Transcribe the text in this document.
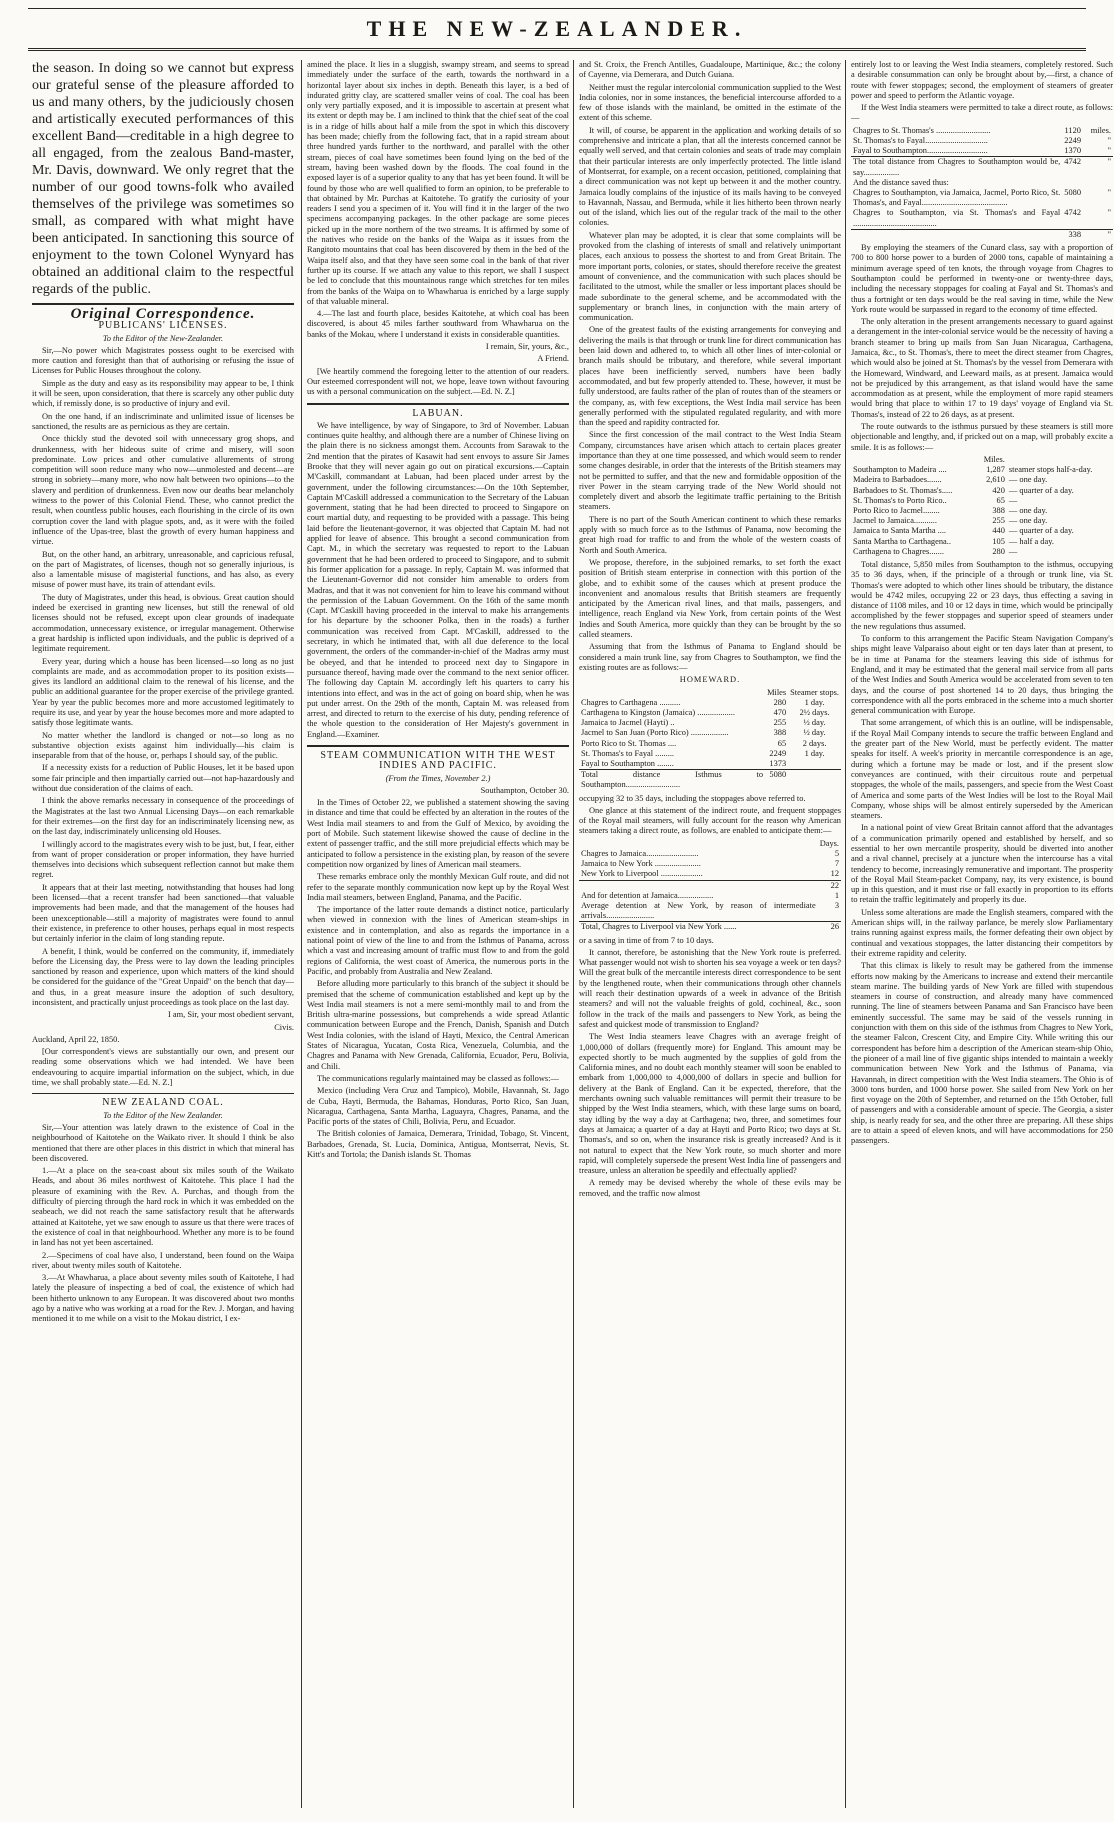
THE NEW-ZEALANDER.

the season. In doing so we cannot but express our grateful sense of the pleasure afforded to us and many others, by the judiciously chosen and artistically executed performances of this excellent Band—creditable in a high degree to all engaged, from the zealous Band-master, Mr. Davis, downward. We only regret that the number of our good towns-folk who availed themselves of the privilege was sometimes so small, as compared with what might have been anticipated. In sanctioning this source of enjoyment to the town Colonel Wynyard has obtained an additional claim to the respectful regards of the public.

Original Correspondence.
PUBLICANS' LICENSES.
To the Editor of the New-Zealander.

Sir,—No power which Magistrates possess ought to be exercised with more caution and foresight than that of authorising or refusing the issue of Licenses for Public Houses throughout the colony.

Simple as the duty and easy as its responsibility may appear to be, I think it will be seen, upon consideration, that there is scarcely any other public duty which, if remissly done, is so productive of injury and evil.

On the one hand, if an indiscriminate and unlimited issue of licenses be sanctioned, the results are as pernicious as they are certain.

Once thickly stud the devoted soil with unnecessary grog shops, and drunkenness, with her hideous suite of crime and misery, will soon predominate. Low prices and other cumulative allurements of strong competition will soon reduce many who now—unmolested and decent—are strong in sobriety—many more, who now halt between two opinions—to the slavery and perdition of drunkenness. Even now our deaths bear melancholy witness to the power of this Colonial Fiend. These, who cannot predict the result, when countless public houses, each flourishing in the circle of its own corruption cover the land with plague spots, and, as it were with the foiled influence of the Upas-tree, blast the growth of every human happiness and virtue.

But, on the other hand, an arbitrary, unreasonable, and capricious refusal, on the part of Magistrates, of licenses, though not so generally injurious, is also a lamentable misuse of magisterial functions, and has also, as every misuse of power must have, its train of attendant evils.

The duty of Magistrates, under this head, is obvious. Great caution should indeed be exercised in granting new licenses, but still the renewal of old licenses should not be refused, except upon clear grounds of inadequate accommodation, unnecessary existence, or irregular management. Otherwise a great hardship is inflicted upon individuals, and the public is deprived of a legitimate requirement.

Every year, during which a house has been licensed—so long as no just complaints are made, and as accommodation proper to its position exists—gives its landlord an additional claim to the renewal of his license, and the public an additional guarantee for the proper exercise of the privilege granted. Year by year the public becomes more and more accustomed legitimately to require its use, and year by year the house becomes more and more adapted to satisfy those legitimate wants.

No matter whether the landlord is changed or not—so long as no substantive objection exists against him individually—his claim is inseparable from that of the house, or, perhaps I should say, of the public.

If a necessity exists for a reduction of Public Houses, let it be based upon some fair principle and then impartially carried out—not hap-hazardously and without due consideration of the claims of each.

I think the above remarks necessary in consequence of the proceedings of the Magistrates at the last two Annual Licensing Days—on each remarkable for their extremes—on the first day for an indiscriminately licensing new, as on the last day, indiscriminately unlicensing old Houses.

I willingly accord to the magistrates every wish to be just, but, I fear, either from want of proper consideration or proper information, they have hurried themselves into decisions which subsequent reflection cannot but make them regret.

It appears that at their last meeting, notwithstanding that houses had long been licensed—that a recent transfer had been sanctioned—that valuable improvements had been made, and that the management of the houses had been unexceptionable—still a majority of magistrates were found to annul their existence, in preference to other houses, perhaps equal in most respects but certainly inferior in the claim of long standing repute.

A benefit, I think, would be conferred on the community, if, immediately before the Licensing day, the Press were to lay down the leading principles sanctioned by reason and experience, upon which matters of the kind should be considered for the guidance of the "Great Unpaid" on the bench that day—and thus, in a great measure insure the adoption of such desultory, inconsistent, and practically unjust proceedings as took place on the last day.

I am, Sir, your most obedient servant,

Civis.

Auckland, April 22, 1850.

[Our correspondent's views are substantially our own, and present our reading some observations which we had intended. We have been endeavouring to acquire impartial information on the subject, which, in due time, we shall probably state.—Ed. N. Z.]

NEW ZEALAND COAL.
To the Editor of the New Zealander.

Sir,—Your attention was lately drawn to the existence of Coal in the neighbourhood of Kaitotehe on the Waikato river. It should I think be also mentioned that there are other places in this district in which that mineral has been discovered.

1.—At a place on the sea-coast about six miles south of the Waikato Heads, and about 36 miles northwest of Kaitotehe. This place I had the pleasure of examining with the Rev. A. Purchas, and though from the difficulty of piercing through the hard rock in which it was embedded on the seabeach, we did not reach the same satisfactory result that he afterwards attained at Kaitotehe, yet we saw enough to assure us that there were traces of the existence of coal in that neighbourhood. Whether any more is to be found in land has not yet been ascertained.

2.—Specimens of coal have also, I understand, been found on the Waipa river, about twenty miles south of Kaitotehe.

3.—At Whawharua, a place about seventy miles south of Kaitotehe, I had lately the pleasure of inspecting a bed of coal, the existence of which had been hitherto unknown to any European. It was discovered about two months ago by a native who was working at a road for the Rev. J. Morgan, and having mentioned it to me while on a visit to the Mokau district, I ex-

amined the place. It lies in a sluggish, swampy stream, and seems to spread immediately under the surface of the earth, towards the northward in a horizontal layer about six inches in depth. Beneath this layer, is a bed of indurated gritty clay, are scattered smaller veins of coal. The coal has been only very partially exposed, and it is impossible to ascertain at present what its extent or depth may be. I am inclined to think that the chief seat of the coal is in a ridge of hills about half a mile from the spot in which this discovery has been made; chiefly from the following fact, that in a rapid stream about three hundred yards further to the northward, and parallel with the other stream, pieces of coal have sometimes been found lying on the bed of the stream, having been washed down by the floods. The coal found in the exposed layer is of a superior quality to any that has yet been found. It will be found by those who are well qualified to form an opinion, to be preferable to that obtained by Mr. Purchas at Kaitotehe. To gratify the curiosity of your readers I send you a specimen of it. You will find it in the larger of the two specimens accompanying packages. In the other package are some pieces picked up in the more northern of the two streams. It is affirmed by some of the natives who reside on the banks of the Waipa as it issues from the Rangitoto mountains that coal has been discovered by them in the bed of the Waipa itself also, and that they have seen some coal in the bank of that river further up its course. If we attach any value to this report, we shall I suspect be led to conclude that this mountainous range which stretches for ten miles from the banks of the Waipa on to Whawharua is enriched by a large supply of that valuable mineral.

4.—The last and fourth place, besides Kaitotehe, at which coal has been discovered, is about 45 miles farther southward from Whawharua on the banks of the Mokau, where I understand it exists in considerable quantities.

I remain, Sir, yours, &c.,

A Friend.

[We heartily commend the foregoing letter to the attention of our readers. Our esteemed correspondent will not, we hope, leave town without favouring us with a personal communication on the subject.—Ed. N. Z.]

LABUAN.

We have intelligence, by way of Singapore, to 3rd of November. Labuan continues quite healthy, and although there are a number of Chinese living on the plain there is no sickness amongst them. Accounts from Sarawak to the 2nd mention that the pirates of Kasawit had sent envoys to assure Sir James Brooke that they will never again go out on piratical excursions.—Captain M'Caskill, commandant at Labuan, had been placed under arrest by the government, under the following circumstances:—On the 10th September, Captain M'Caskill addressed a communication to the Secretary of the Labuan government, stating that he had been directed to proceed to Singapore on court martial duty, and requesting to be provided with a passage. This being laid before the lieutenant-governor, it was objected that Captain M. had not applied for leave of absence. This brought a second communication from Capt. M., in which the secretary was requested to report to the Labuan government that he had been ordered to proceed to Singapore, and to submit his former application for a passage. In reply, Captain M. was informed that the Lieutenant-Governor did not consider him amenable to orders from Madras, and that it was not convenient for him to leave his command without the permission of the Labuan Government. On the 16th of the same month (Capt. M'Caskill having proceeded in the interval to make his arrangements for his departure by the schooner Polka, then in the roads) a further communication was received from Capt. M'Caskill, addressed to the secretary, in which he intimated that, with all due deference to the local government, the orders of the commander-in-chief of the Madras army must be obeyed, and that he intended to proceed next day to Singapore in pursuance thereof, having made over the command to the next senior officer. The following day Captain M. accordingly left his quarters to carry his intentions into effect, and was in the act of going on board ship, when he was put under arrest. On the 29th of the month, Captain M. was released from arrest, and directed to return to the exercise of his duty, pending reference of the whole question to the consideration of Her Majesty's government in England.—Examiner.

STEAM COMMUNICATION WITH THE WEST INDIES AND PACIFIC.
(From the Times, November 2.)

Southampton, October 30.

In the Times of October 22, we published a statement showing the saving in distance and time that could be effected by an alteration in the routes of the West India mail steamers to and from the Gulf of Mexico, by avoiding the port of Mobile. Such statement likewise showed the cause of decline in the extent of passenger traffic, and the still more prejudicial effects which may be anticipated to follow a persistence in the existing plan, by reason of the severe competition now organized by lines of American mail steamers.

These remarks embrace only the monthly Mexican Gulf route, and did not refer to the separate monthly communication now kept up by the Royal West India mail steamers, between England, Panama, and the Pacific.

The importance of the latter route demands a distinct notice, particularly when viewed in connexion with the lines of American steam-ships in existence and in contemplation, and also as regards the importance in a national point of view of the line to and from the Isthmus of Panama, across which a vast and increasing amount of traffic must flow to and from the gold regions of California, the west coast of America, the numerous ports in the Pacific, and probably from Australia and New Zealand.

Before alluding more particularly to this branch of the subject it should be premised that the scheme of communication established and kept up by the West India mail steamers is not a mere semi-monthly mail to and from the British ultra-marine possessions, but comprehends a wide spread Atlantic communication between Europe and the French, Danish, Spanish and Dutch West India colonies, with the island of Hayti, Mexico, the Central American States of Nicaragua, Yucatan, Costa Rica, Venezuela, Columbia, and the Chagres and Panama with New Grenada, California, Ecuador, Peru, Bolivia, and Chili.

The communications regularly maintained may be classed as follows:—

Mexico (including Vera Cruz and Tampico), Mobile, Havannah, St. Jago de Cuba, Hayti, Bermuda, the Bahamas, Honduras, Porto Rico, San Juan, Nicaragua, Carthagena, Santa Martha, Laguayra, Chagres, Panama, and the Pacific ports of the states of Chili, Bolivia, Peru, and Ecuador.

The British colonies of Jamaica, Demerara, Trinidad, Tobago, St. Vincent, Barbadoes, Grenada, St. Lucia, Dominica, Antigua, Montserrat, Nevis, St. Kitt's and Tortola; the Danish islands St. Thomas

and St. Croix, the French Antilles, Guadaloupe, Martinique, &c.; the colony of Cayenne, via Demerara, and Dutch Guiana.

Neither must the regular intercolonial communication supplied to the West India colonies, nor in some instances, the beneficial intercourse afforded to a few of those islands with the mainland, be omitted in the estimate of the extent of this scheme.

It will, of course, be apparent in the application and working details of so comprehensive and intricate a plan, that all the interests concerned cannot be equally well served, and that certain colonies and seats of trade may complain that their particular interests are only imperfectly protected. The little island of Montserrat, for example, on a recent occasion, petitioned, complaining that a direct communication was not kept up between it and the mother country. Jamaica loudly complains of the injustice of its mails having to be conveyed to Havannah, Nassau, and Bermuda, while it lies hitherto been thrown nearly out of the island, which lies out of the regular track of the mail to the other colonies.

Whatever plan may be adopted, it is clear that some complaints will be provoked from the clashing of interests of small and relatively unimportant places, each anxious to possess the shortest to and from Great Britain. The more important ports, colonies, or states, should therefore receive the greatest amount of convenience, and the communication with such places should be facilitated to the utmost, while the smaller or less important places should be made subordinate to the general scheme, and be accommodated with the supplementary or branch lines, in conjunction with the main artery of communication.

One of the greatest faults of the existing arrangements for conveying and delivering the mails is that through or trunk line for direct communication has been laid down and adhered to, to which all other lines of inter-colonial or branch mails should be tributary, and therefore, while several important places have been inefficiently served, numbers have been badly accommodated, and but few properly attended to. These, however, it must be fully understood, are faults rather of the plan of routes than of the steamers or the company, as, with few exceptions, the West India mail service has been generally performed with the stipulated regulated regularity, and with more than the speed and rapidity contracted for.

Since the first concession of the mail contract to the West India Steam Company, circumstances have arisen which attach to certain places greater importance than they at one time possessed, and which would seem to render some changes desirable, in order that the interests of the British steamers may not be permitted to suffer, and that the new and formidable opposition of the river Power in the steam carrying trade of the New World should not completely divert and absorb the legitimate traffic pertaining to the British steamers.

There is no part of the South American continent to which these remarks apply with so much force as to the Isthmus of Panama, now becoming the great high road for traffic to and from the whole of the western coasts of North and South America.

We propose, therefore, in the subjoined remarks, to set forth the exact position of British steam enterprise in connection with this portion of the globe, and to exhibit some of the causes which at present produce the inconvenient and anomalous results that British steamers are frequently anticipated by the American rival lines, and that mails, passengers, and intelligence, reach England via New York, from certain points of the West Indies and South America, more quickly than they can be brought by the so called steamers.

Assuming that from the Isthmus of Panama to England should be considered a main trunk line, say from Chagres to Southampton, we find the existing routes are as follows:—

HOMEWARD.
	Miles	Steamer stops.
Chagres to Carthagena ..........	280	1 day.
Carthagena to Kingston (Jamaica) ..................	470	2½ days.
Jamaica to Jacmel (Hayti) ..	255	½ day.
Jacmel to San Juan (Porto Rico) ..................	388	½ day.
Porto Rico to St. Thomas ....	65	2 days.
St. Thomas's to Fayal .........	2249	1 day.
Fayal to Southampton ........	1373	
Total distance Isthmus to Southampton..........................	5080	

occupying 32 to 35 days, including the stoppages above referred to.

One glance at this statement of the indirect route, and frequent stoppages of the Royal mail steamers, will fully account for the reason why American steamers taking a direct route, as follows, are enabled to anticipate them:—

	Days.
Chagres to Jamaica.........................	5
Jamaica to New York ......................	7
New York to Liverpool ....................	12
	22
And for detention at Jamaica.................	1
Average detention at New York, by reason of intermediate arrivals.......................	3
Total, Chagres to Liverpool via New York ......	26

or a saving in time of from 7 to 10 days.

It cannot, therefore, be astonishing that the New York route is preferred. What passenger would not wish to shorten his sea voyage a week or ten days? Will the great bulk of the mercantile interests direct correspondence to be sent by the lengthened route, when their communications through other channels will reach their destination upwards of a week in advance of the British steamers? and will not the valuable freights of gold, cochineal, &c., soon follow in the track of the mails and passengers to New York, as being the safest and quickest mode of transmission to England?

The West India steamers leave Chagres with an average freight of 1,000,000 of dollars (frequently more) for England. This amount may be expected shortly to be much augmented by the supplies of gold from the California mines, and no doubt each monthly steamer will soon be enabled to embark from 1,000,000 to 4,000,000 of dollars in specie and bullion for delivery at the Bank of England. Can it be expected, therefore, that the merchants owning such valuable remittances will permit their treasure to be shipped by the West India steamers, which, with these large sums on board, stay idling by the way a day at Carthagena; two, three, and sometimes four days at Jamaica; a quarter of a day at Hayti and Porto Rico; two days at St. Thomas's, and so on, when the insurance risk is greatly increased? And is it not natural to expect that the New York route, so much shorter and more rapid, will completely supersede the present West India line of passengers and treasure, unless an alteration be speedily and effectually applied?

A remedy may be devised whereby the whole of these evils may be removed, and the traffic now almost

entirely lost to or leaving the West India steamers, completely restored. Such a desirable consummation can only be brought about by,—first, a chance of route with fewer stoppages; second, the employment of steamers of greater power and speed to perform the Atlantic voyage.

If the West India steamers were permitted to take a direct route, as follows:—

Chagres to St. Thomas's ..........................	1120	miles.
St. Thomas's to Fayal..............................	2249	"
Fayal to Southampton.............................	1370	"
The total distance from Chagres to Southampton would be, say.................	4742	"
And the distance saved thus:		
Chagres to Southampton, via Jamaica, Jacmel, Porto Rico, St. Thomas's, and Fayal.........................................	5080	"
Chagres to Southampton, via St. Thomas's and Fayal ........................................	4742	"
	338	"

By employing the steamers of the Cunard class, say with a proportion of 700 to 800 horse power to a burden of 2000 tons, capable of maintaining a minimum average speed of ten knots, the through voyage from Chagres to Southampton could be performed in twenty-one or twenty-three days, including the necessary stoppages for coaling at Fayal and St. Thomas's and thus a fortnight or ten days would be the real saving in time, while the New York route would be surpassed in regard to the economy of time effected.

The only alteration in the present arrangements necessary to guard against a derangement in the inter-colonial service would be the necessity of having a branch steamer to bring up mails from San Juan Nicaragua, Carthagena, Jamaica, &c., to St. Thomas's, there to meet the direct steamer from Chagres, which would also be joined at St. Thomas's by the vessel from Demerara with the Homeward, Windward, and Leeward mails, as at present. Jamaica would not be prejudiced by this arrangement, as that island would have the same accommodation as at present, while the employment of more rapid steamers would bring that place to within 17 to 19 days' voyage of England via St. Thomas's, instead of 22 to 26 days, as at present.

The route outwards to the isthmus pursued by these steamers is still more objectionable and lengthy, and, if pricked out on a map, will probably excite a smile. It is as follows:—

	Miles.	
Southampton to Madeira ....	1,287	steamer stops half-a-day.
Madeira to Barbadoes.......	2,610	— one day.
Barbadoes to St. Thomas's.....	420	— quarter of a day.
St. Thomas's to Porto Rico..	65	—
Porto Rico to Jacmel........	388	— one day.
Jacmel to Jamaica...........	255	— one day.
Jamaica to Santa Martha ....	440	— quarter of a day.
Santa Martha to Carthagena..	105	— half a day.
Carthagena to Chagres.......	280	—

Total distance, 5,850 miles from Southampton to the isthmus, occupying 35 to 36 days, when, if the principle of a through or trunk line, via St. Thomas's were adopted to which other lines should be tributary, the distance would be 4742 miles, occupying 22 or 23 days, thus effecting a saving in distance of 1108 miles, and 10 or 12 days in time, which would be principally accomplished by the fewer stoppages and superior speed of steamers under the new regulations thus assumed.

To conform to this arrangement the Pacific Steam Navigation Company's ships might leave Valparaiso about eight or ten days later than at present, to be in time at Panama for the steamers leaving this side of isthmus for England, and it may be estimated that the general mail service from all parts of the West Indies and South America would be accelerated from seven to ten days, and the course of post shortened 14 to 20 days, thus bringing the correspondence with all the ports embraced in the scheme into a much shorter general communication with Europe.

That some arrangement, of which this is an outline, will be indispensable, if the Royal Mail Company intends to secure the traffic between England and the greater part of the New World, must be perfectly evident. The matter speaks for itself. A week's priority in mercantile correspondence is an age, during which a fortune may be made or lost, and if the present slow conveyances are continued, with their circuitous route and perpetual stoppages, the whole of the mails, passengers, and specie from the West Coast of America and some parts of the West Indies will be lost to the Royal Mail Company, whose ships will be almost entirely superseded by the American steamers.

In a national point of view Great Britain cannot afford that the advantages of a communication primarily opened and established by herself, and so essential to her own mercantile prosperity, should be diverted into another and a rival channel, precisely at a juncture when the intercourse has a vital tendency to become, increasingly remunerative and important. The prosperity of the Royal Mail Steam-packet Company, nay, its very existence, is bound up in this question, and it must rise or fall exactly in proportion to its efforts to retain the traffic legitimately and properly its due.

Unless some alterations are made the English steamers, compared with the American ships will, in the railway parlance, be merely slow Parliamentary trains running against express mails, the former defeating their own object by continual and vexatious stoppages, the latter distancing their competitors by their extreme rapidity and celerity.

That this climax is likely to result may be gathered from the immense efforts now making by the Americans to increase and extend their mercantile steam marine. The building yards of New York are filled with stupendous steamers in course of construction, and already many have commenced running. The line of steamers between Panama and San Francisco have been eminently successful. The same may be said of the vessels running in conjunction with them on this side of the isthmus from Chagres to New York, the steamer Falcon, Crescent City, and Empire City. While writing this our correspondent has before him a description of the American steam-ship Ohio, the pioneer of a mail line of five gigantic ships intended to maintain a weekly communication between New York and the Isthmus of Panama, via Havannah, in direct competition with the West India steamers. The Ohio is of 3000 tons burden, and 1000 horse power. She sailed from New York on her first voyage on the 20th of September, and returned on the 15th October, full of passengers and with a considerable amount of specie. The Georgia, a sister ship, is nearly ready for sea, and the other three are preparing. All these ships are to attain a speed of eleven knots, and will have accommodations for 250 passengers.
